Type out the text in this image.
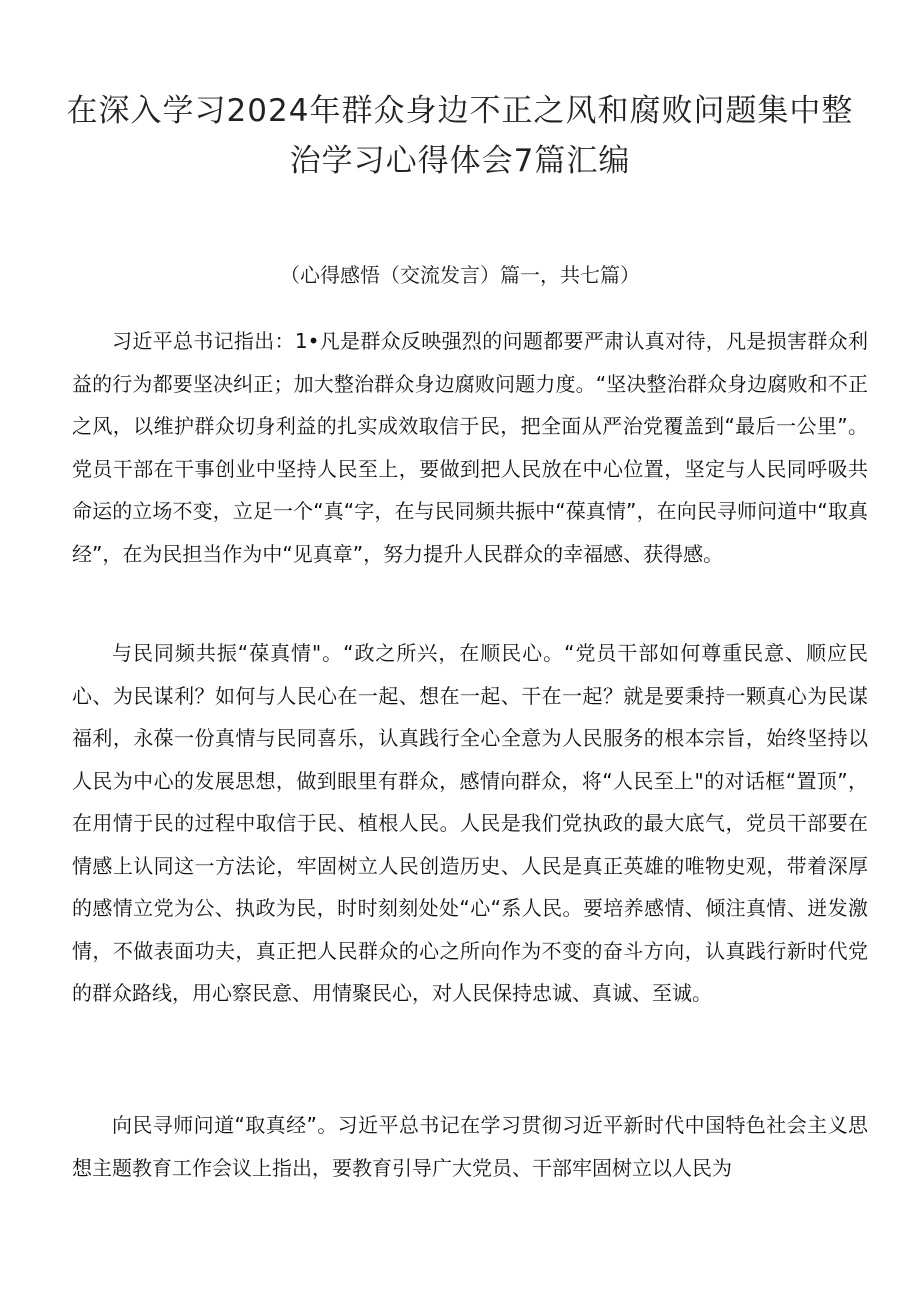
在深入学习2024年群众身边不正之风和腐败问题集中整治学习心得体会7篇汇编

（心得感悟（交流发言）篇一，共七篇）

习近平总书记指出：1•凡是群众反映强烈的问题都要严肃认真对待，凡是损害群众利益的行为都要坚决纠正；加大整治群众身边腐败问题力度。“坚决整治群众身边腐败和不正之风，以维护群众切身利益的扎实成效取信于民，把全面从严治党覆盖到“最后一公里”。党员干部在干事创业中坚持人民至上，要做到把人民放在中心位置，坚定与人民同呼吸共命运的立场不变，立足一个“真“字，在与民同频共振中“葆真情”，在向民寻师问道中“取真经”，在为民担当作为中“见真章”，努力提升人民群众的幸福感、获得感。

与民同频共振“葆真情"。“政之所兴，在顺民心。“党员干部如何尊重民意、顺应民心、为民谋利？如何与人民心在一起、想在一起、干在一起？就是要秉持一颗真心为民谋福利，永葆一份真情与民同喜乐，认真践行全心全意为人民服务的根本宗旨，始终坚持以人民为中心的发展思想，做到眼里有群众，感情向群众，将“人民至上"的对话框“置顶”，在用情于民的过程中取信于民、植根人民。人民是我们党执政的最大底气，党员干部要在情感上认同这一方法论，牢固树立人民创造历史、人民是真正英雄的唯物史观，带着深厚的感情立党为公、执政为民，时时刻刻处处“心“系人民。要培养感情、倾注真情、迸发激情，不做表面功夫，真正把人民群众的心之所向作为不变的奋斗方向，认真践行新时代党的群众路线，用心察民意、用情聚民心，对人民保持忠诚、真诚、至诚。

向民寻师问道“取真经”。习近平总书记在学习贯彻习近平新时代中国特色社会主义思想主题教育工作会议上指出，要教育引导广大党员、干部牢固树立以人民为
